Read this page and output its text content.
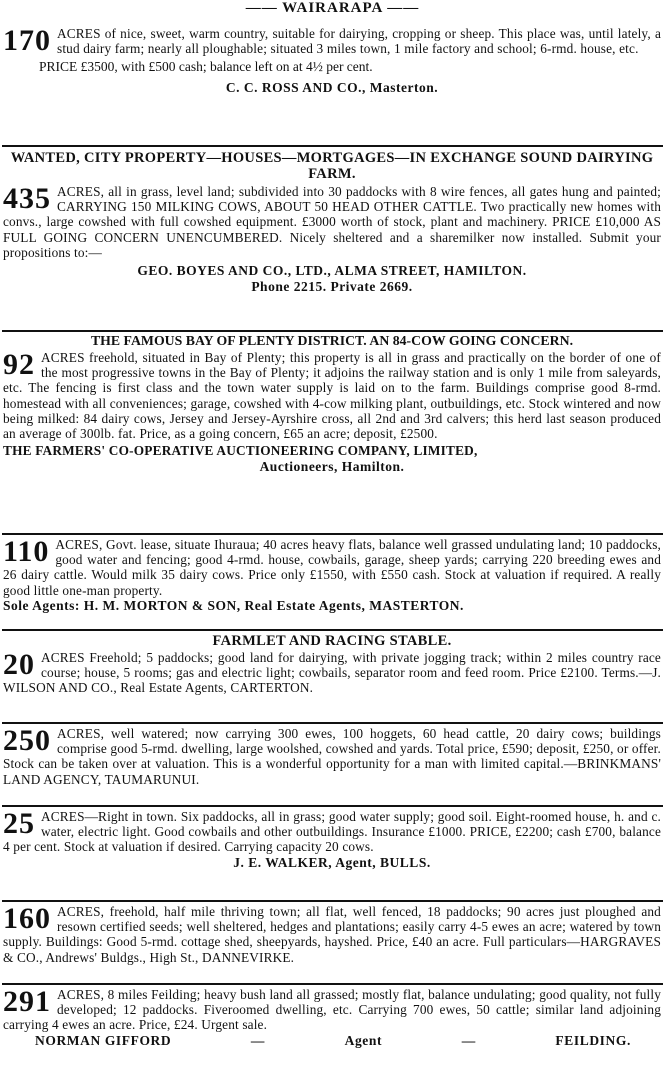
—— WAIRARAPA ——
170 ACRES of nice, sweet, warm country, suitable for dairying, cropping or sheep. This place was, until lately, a stud dairy farm; nearly all ploughable; situated 3 miles town, 1 mile factory and school; 6-rmd. house, etc.
PRICE £3500, with £500 cash; balance left on at 4½ per cent.
C. C. ROSS AND CO., Masterton.
WANTED, CITY PROPERTY—HOUSES—MORTGAGES—IN EXCHANGE SOUND DAIRYING FARM.
435 ACRES, all in grass, level land; subdivided into 30 paddocks with 8 wire fences, all gates hung and painted; CARRYING 150 MILKING COWS, ABOUT 50 HEAD OTHER CATTLE. Two practically new homes with convs., large cowshed with full cowshed equipment. £3000 worth of stock, plant and machinery. PRICE £10,000 AS FULL GOING CONCERN UNENCUMBERED. Nicely sheltered and a sharemilker now installed. Submit your propositions to:—
GEO. BOYES AND CO., LTD., ALMA STREET, HAMILTON.
Phone 2215. Private 2669.
THE FAMOUS BAY OF PLENTY DISTRICT. AN 84-COW GOING CONCERN.
92 ACRES freehold, situated in Bay of Plenty; this property is all in grass and practically on the border of one of the most progressive towns in the Bay of Plenty; it adjoins the railway station and is only 1 mile from saleyards, etc. The fencing is first class and the town water supply is laid on to the farm. Buildings comprise good 8-rmd. homestead with all conveniences; garage, cowshed with 4-cow milking plant, outbuildings, etc. Stock wintered and now being milked: 84 dairy cows, Jersey and Jersey-Ayrshire cross, all 2nd and 3rd calvers; this herd last season produced an average of 300lb. fat. Price, as a going concern, £65 an acre; deposit, £2500.
THE FARMERS' CO-OPERATIVE AUCTIONEERING COMPANY, LIMITED,
Auctioneers, Hamilton.
110 ACRES, Govt. lease, situate Ihuraua; 40 acres heavy flats, balance well grassed undulating land; 10 paddocks, good water and fencing; good 4-rmd. house, cowbails, garage, sheep yards; carrying 220 breeding ewes and 26 dairy cattle. Would milk 35 dairy cows. Price only £1550, with £550 cash. Stock at valuation if required. A really good little one-man property.
Sole Agents: H. M. MORTON & SON, Real Estate Agents, MASTERTON.
FARMLET AND RACING STABLE.
20 ACRES Freehold; 5 paddocks; good land for dairying, with private jogging track; within 2 miles country race course; house, 5 rooms; gas and electric light; cowbails, separator room and feed room. Price £2100. Terms.—J. WILSON AND CO., Real Estate Agents, CARTERTON.
250 ACRES, well watered; now carrying 300 ewes, 100 hoggets, 60 head cattle, 20 dairy cows; buildings comprise good 5-rmd. dwelling, large woolshed, cowshed and yards. Total price, £590; deposit, £250, or offer. Stock can be taken over at valuation. This is a wonderful opportunity for a man with limited capital.—BRINKMANS' LAND AGENCY, TAUMARUNUI.
25 ACRES—Right in town. Six paddocks, all in grass; good water supply; good soil. Eight-roomed house, h. and c. water, electric light. Good cowbails and other outbuildings. Insurance £1000. PRICE, £2200; cash £700, balance 4 per cent. Stock at valuation if desired. Carrying capacity 20 cows.
J. E. WALKER, Agent, BULLS.
160 ACRES, freehold, half mile thriving town; all flat, well fenced, 18 paddocks; 90 acres just ploughed and resown certified seeds; well sheltered, hedges and plantations; easily carry 4-5 ewes an acre; watered by town supply. Buildings: Good 5-rmd. cottage shed, sheepyards, hayshed. Price, £40 an acre. Full particulars—HARGRAVES & CO., Andrews' Buldgs., High St., DANNEVIRKE.
291 ACRES, 8 miles Feilding; heavy bush land all grassed; mostly flat, balance undulating; good quality, not fully developed; 12 paddocks. Fiveroomed dwelling, etc. Carrying 700 ewes, 50 cattle; similar land adjoining carrying 4 ewes an acre. Price, £24. Urgent sale.
NORMAN GIFFORD	—	Agent	—	FEILDING.
